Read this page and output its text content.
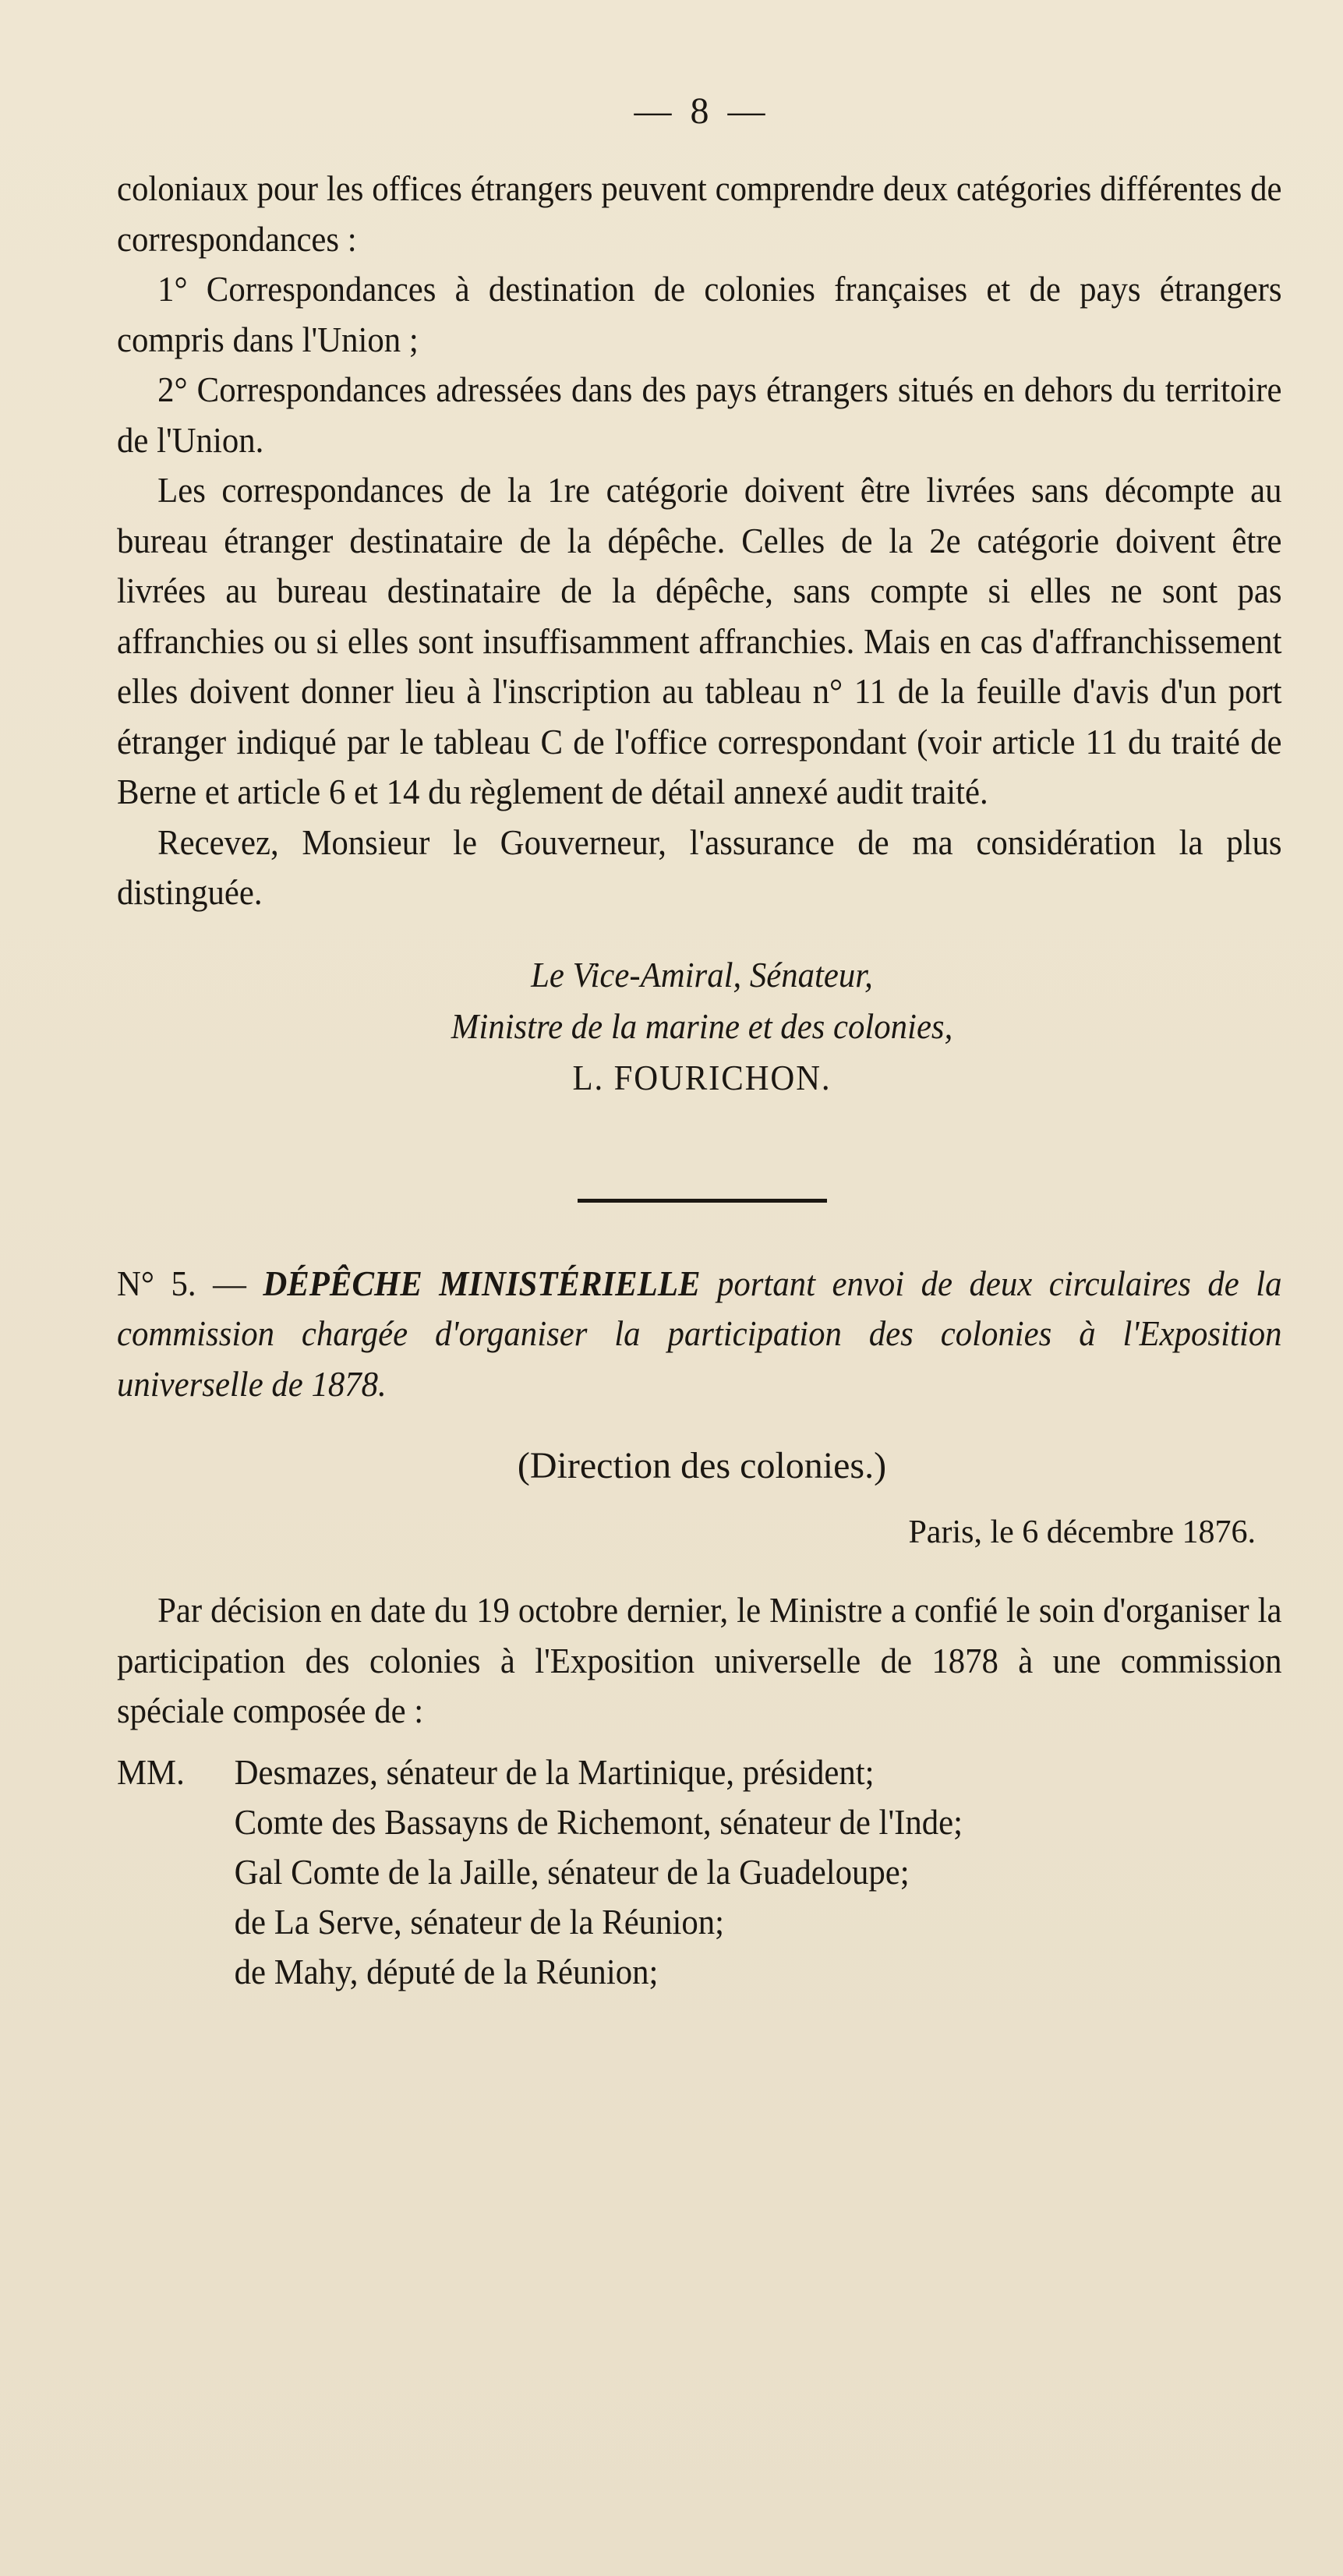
— 8 —

coloniaux pour les offices étrangers peuvent comprendre deux catégories différentes de correspondances :

1° Correspondances à destination de colonies françaises et de pays étrangers compris dans l'Union ;

2° Correspondances adressées dans des pays étrangers situés en dehors du territoire de l'Union.

Les correspondances de la 1re catégorie doivent être livrées sans décompte au bureau étranger destinataire de la dépêche. Celles de la 2e catégorie doivent être livrées au bureau destinataire de la dépêche, sans compte si elles ne sont pas affranchies ou si elles sont insuffisamment affranchies. Mais en cas d'affranchissement elles doivent donner lieu à l'inscription au tableau n° 11 de la feuille d'avis d'un port étranger indiqué par le tableau C de l'office correspondant (voir article 11 du traité de Berne et article 6 et 14 du règlement de détail annexé audit traité.

Recevez, Monsieur le Gouverneur, l'assurance de ma considération la plus distinguée.

Le Vice-Amiral, Sénateur,

Ministre de la marine et des colonies,

L. FOURICHON.

N° 5. — DÉPÊCHE MINISTÉRIELLE portant envoi de deux circulaires de la commission chargée d'organiser la participation des colonies à l'Exposition universelle de 1878.

(Direction des colonies.)
Paris, le 6 décembre 1876.

Par décision en date du 19 octobre dernier, le Ministre a confié le soin d'organiser la participation des colonies à l'Exposition universelle de 1878 à une commission spéciale composée de :

MM. Desmazes, sénateur de la Martinique, président;
Comte des Bassayns de Richemont, sénateur de l'Inde;
Gal Comte de la Jaille, sénateur de la Guadeloupe;
de La Serve, sénateur de la Réunion;
de Mahy, député de la Réunion;
